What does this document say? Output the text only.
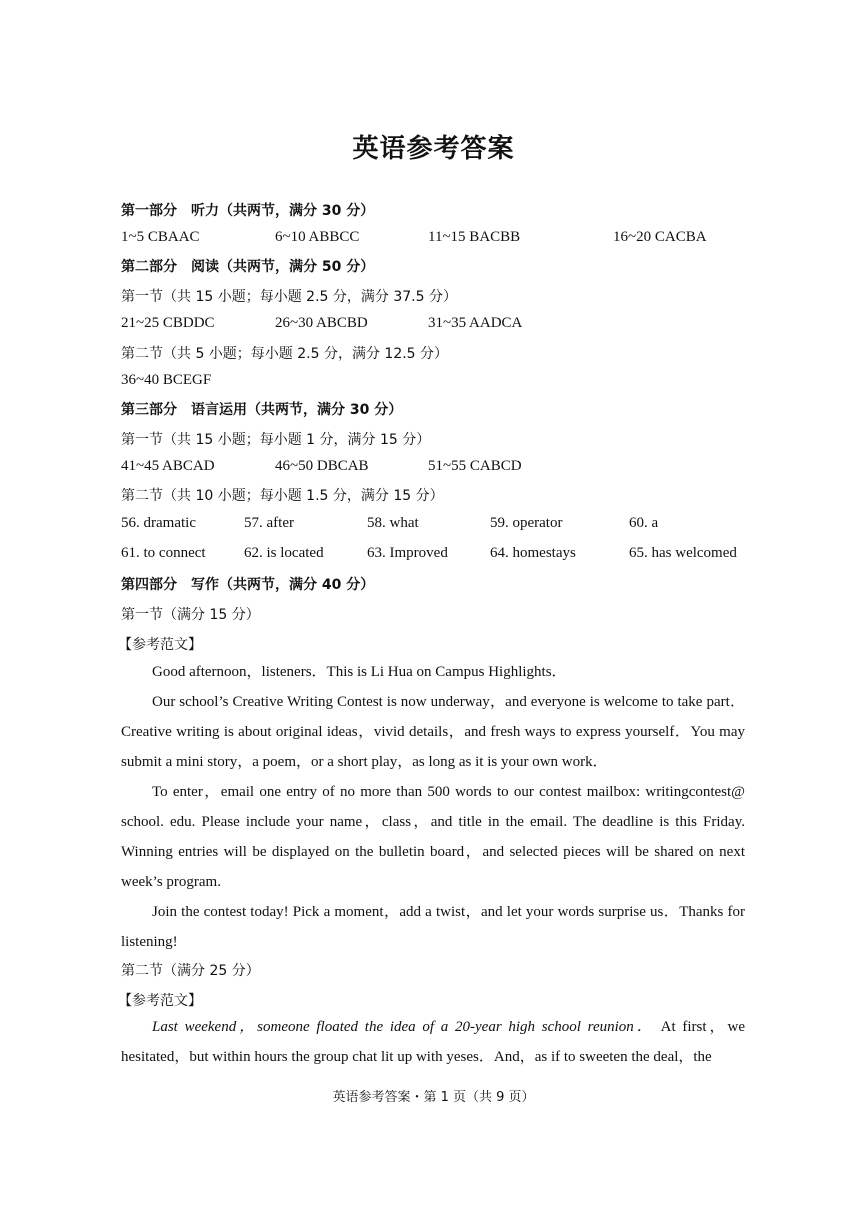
英语参考答案
第一部分　听力（共两节，满分 30 分）
1~5 CBAAC	6~10 ABBCC	11~15 BACBB	16~20 CACBA
第二部分　阅读（共两节，满分 50 分）
第一节（共 15 小题；每小题 2.5 分，满分 37.5 分）
21~25 CBDDC	26~30 ABCBD	31~35 AADCA
第二节（共 5 小题；每小题 2.5 分，满分 12.5 分）
36~40 BCEGF
第三部分　语言运用（共两节，满分 30 分）
第一节（共 15 小题；每小题 1 分，满分 15 分）
41~45 ABCAD	46~50 DBCAB	51~55 CABCD
第二节（共 10 小题；每小题 1.5 分，满分 15 分）
56. dramatic	57. after	58. what	59. operator	60. a
61. to connect	62. is located	63. Improved	64. homestays	65. has welcomed
第四部分　写作（共两节，满分 40 分）
第一节（满分 15 分）
【参考范文】
Good afternoon，listeners．This is Li Hua on Campus Highlights．
Our school’s Creative Writing Contest is now underway，and everyone is welcome to take part．Creative writing is about original ideas，vivid details，and fresh ways to express yourself．You may submit a mini story，a poem，or a short play，as long as it is your own work．
To enter，email one entry of no more than 500 words to our contest mailbox: writingcontest@ school. edu. Please include your name，class，and title in the email. The deadline is this Friday. Winning entries will be displayed on the bulletin board，and selected pieces will be shared on next week’s program.
Join the contest today! Pick a moment，add a twist，and let your words surprise us．Thanks for listening!
第二节（满分 25 分）
【参考范文】
Last weekend，someone floated the idea of a 20-year high school reunion． At first，we hesitated，but within hours the group chat lit up with yeses．And，as if to sweeten the deal，the
英语参考答案・第 1 页（共 9 页）
